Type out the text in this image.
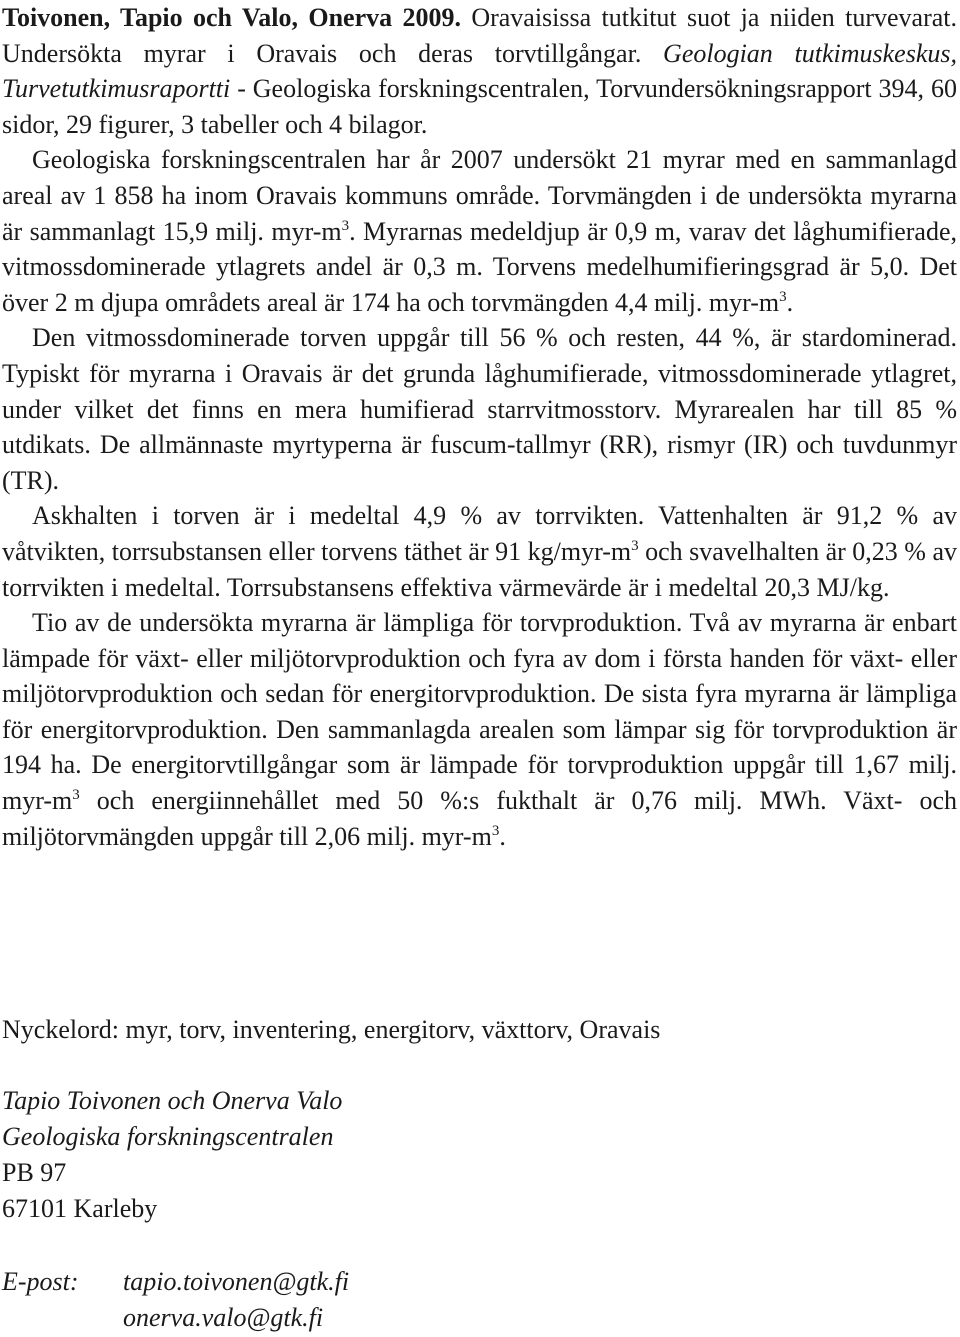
Toivonen, Tapio och Valo, Onerva 2009. Oravaisissa tutkitut suot ja niiden turvevarat. Undersökta myrar i Oravais och deras torvtillgångar. Geologian tutkimuskeskus, Turvetutkimusraportti - Geologiska forskningscentralen, Torvundersökningsrapport 394, 60 sidor, 29 figurer, 3 tabeller och 4 bilagor.

Geologiska forskningscentralen har år 2007 undersökt 21 myrar med en sammanlagd areal av 1 858 ha inom Oravais kommuns område. Torvmängden i de undersökta myrarna är sammanlagt 15,9 milj. myr-$m^3$. Myrarnas medeldjup är 0,9 m, varav det låghumifierade, vitmossdominerade ytlagrets andel är 0,3 m. Torvens medelhumifieringsgrad är 5,0. Det över 2 m djupa områdets areal är 174 ha och torvmängden 4,4 milj. myr-$m^3$.

Den vitmossdominerade torven uppgår till 56 % och resten, 44 %, är stardominerad. Typiskt för myrarna i Oravais är det grunda låghumifierade, vitmossdominerade ytlagret, under vilket det finns en mera humifierad starrvitmosstorv. Myrarealen har till 85 % utdikats. De allmännaste myrtyperna är fuscum-tallmyr (RR), rismyr (IR) och tuvdunmyr (TR).

Askhalten i torven är i medeltal 4,9 % av torrvikten. Vattenhalten är 91,2 % av våtvikten, torrsubstansen eller torvens täthet är 91 $kg/myr-m^3$ och svavelhalten är 0,23 % av torrvikten i medeltal. Torrsubstansens effektiva värmevärde är i medeltal 20,3 MJ/kg.

Tio av de undersökta myrarna är lämpliga för torvproduktion. Två av myrarna är enbart lämpade för växt- eller miljötorvproduktion och fyra av dom i första handen för växt- eller miljötorvproduktion och sedan för energitorvproduktion. De sista fyra myrarna är lämpliga för energitorvproduktion. Den sammanlagda arealen som lämpar sig för torvproduktion är 194 ha. De energitorvtillgångar som är lämpade för torvproduktion uppgår till 1,67 milj. myr-$m^3$ och energiinnehållet med 50 %:s fukthalt är 0,76 milj. MWh. Växt- och miljötorvmängden uppgår till 2,06 milj. myr-$m^3$.

Nyckelord: myr, torv, inventering, energitorv, växttorv, Oravais

Tapio Toivonen och Onerva Valo
Geologiska forskningscentralen
PB 97
67101 Karleby
E-post: tapio.toivonen@gtk.fi
onerva.valo@gtk.fi
